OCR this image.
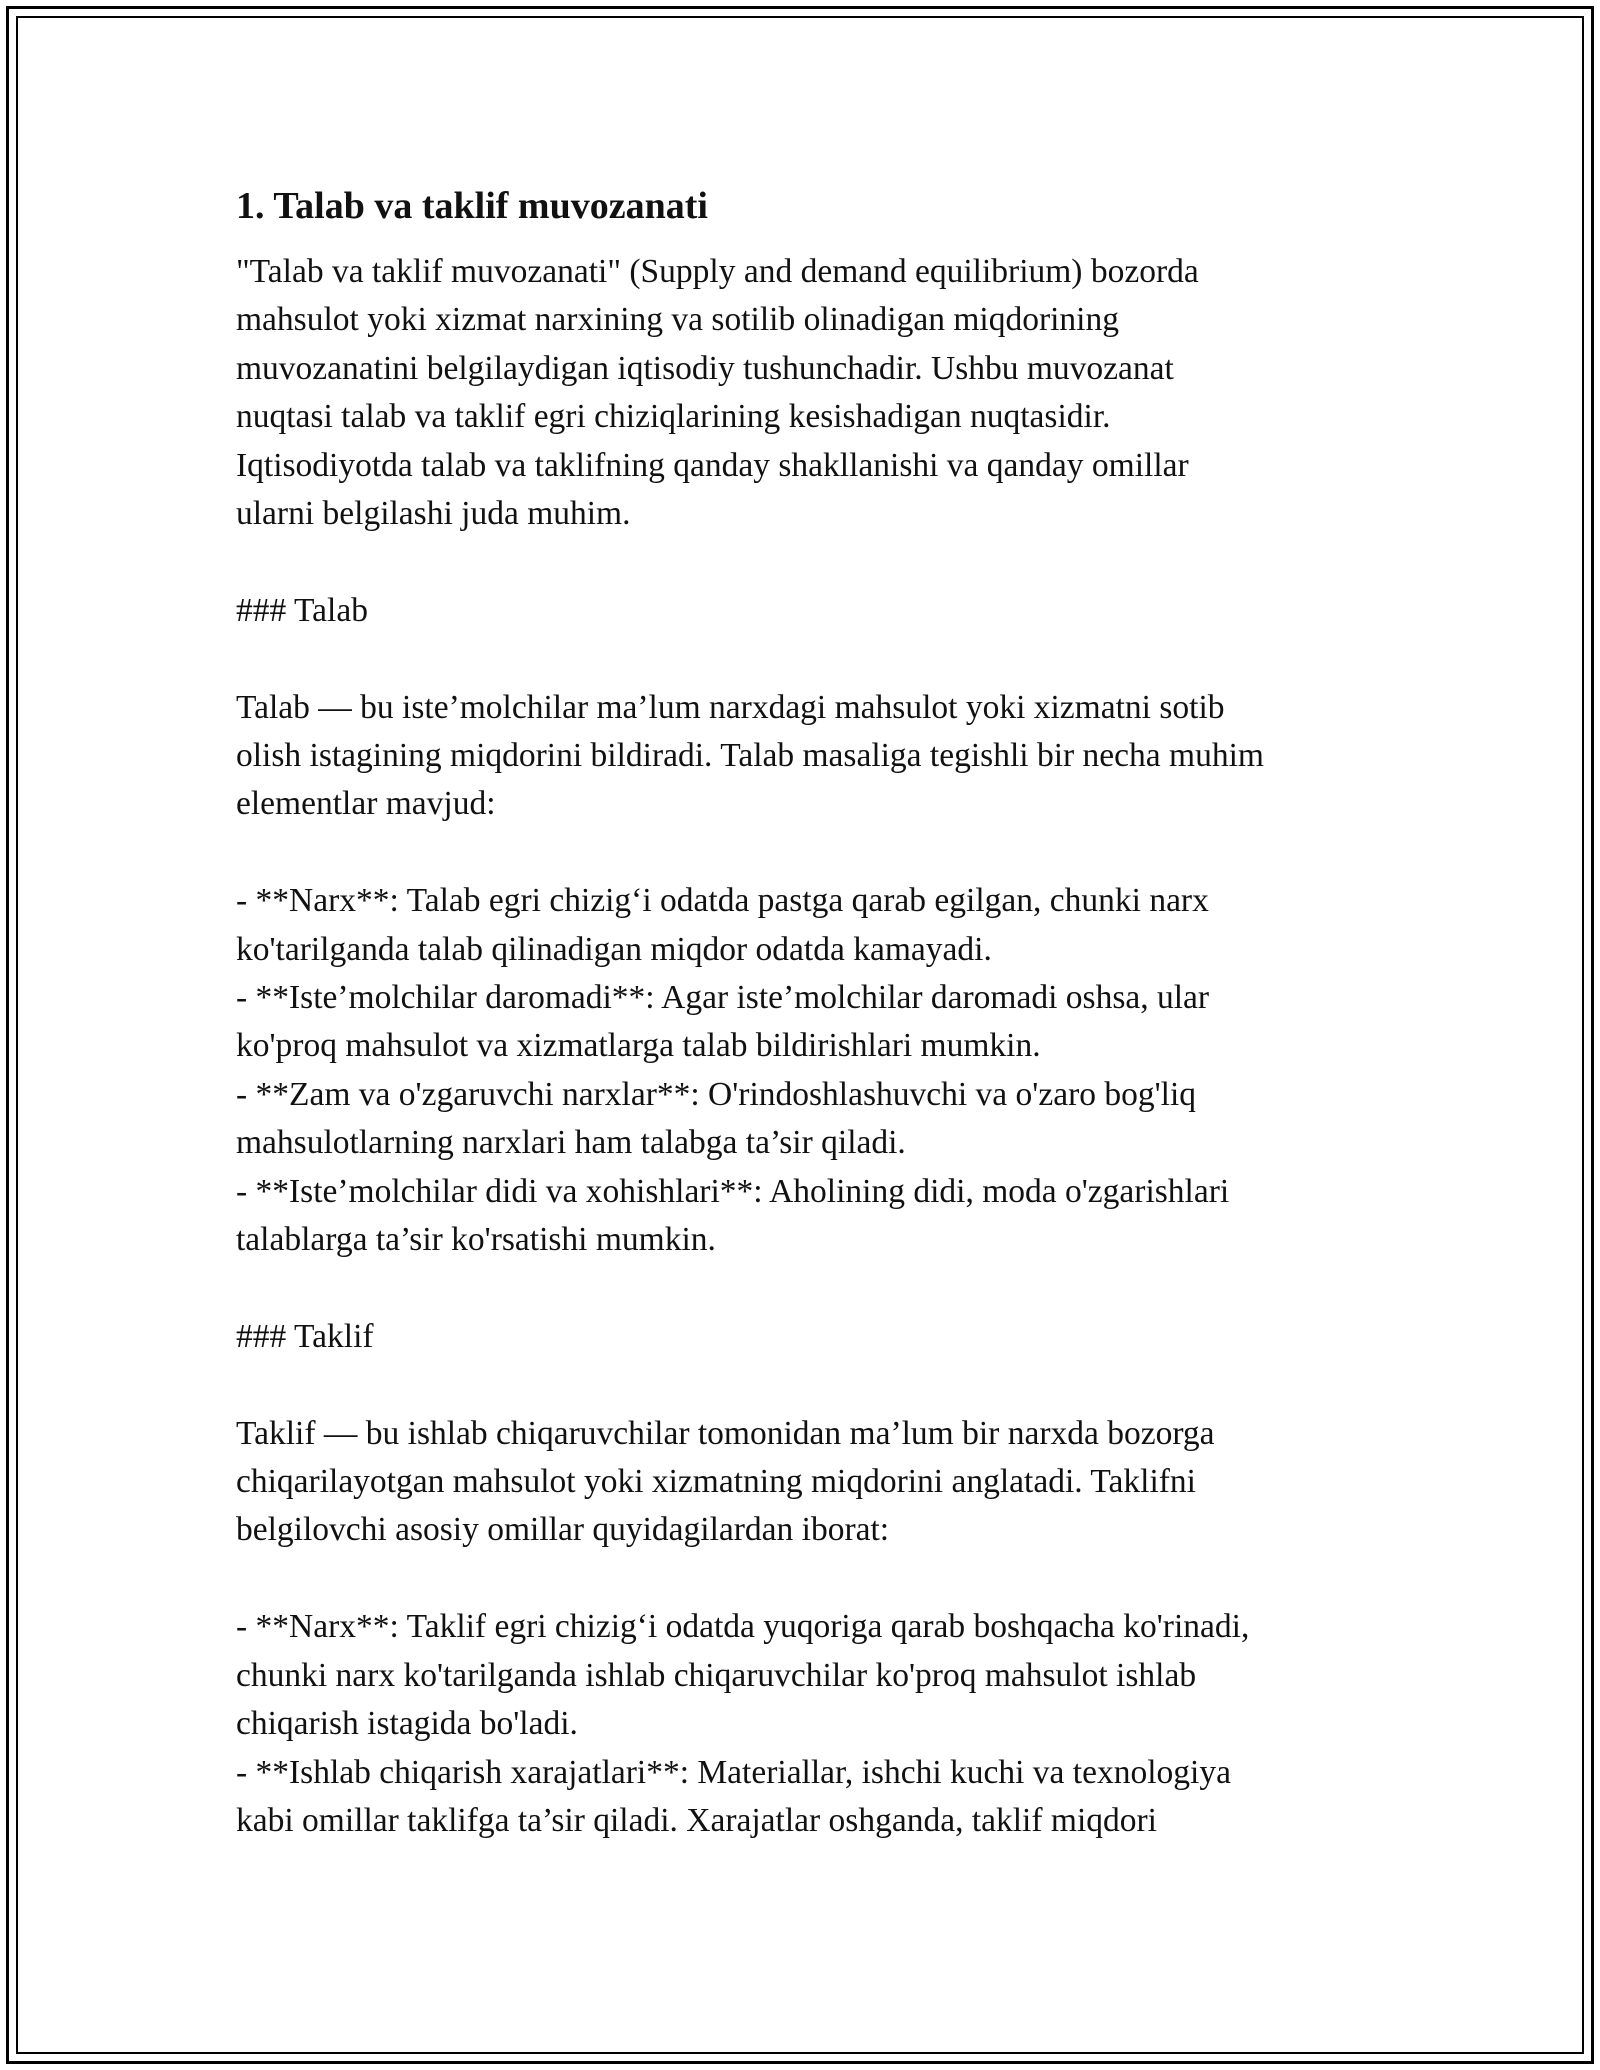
1. Talab va taklif muvozanati

"Talab va taklif muvozanati" (Supply and demand equilibrium) bozorda
mahsulot yoki xizmat narxining va sotilib olinadigan miqdorining
muvozanatini belgilaydigan iqtisodiy tushunchadir. Ushbu muvozanat
nuqtasi talab va taklif egri chiziqlarining kesishadigan nuqtasidir.
Iqtisodiyotda talab va taklifning qanday shakllanishi va qanday omillar
ularni belgilashi juda muhim.

### Talab

Talab — bu iste’molchilar ma’lum narxdagi mahsulot yoki xizmatni sotib
olish istagining miqdorini bildiradi. Talab masaliga tegishli bir necha muhim
elementlar mavjud:

- **Narx**: Talab egri chizig‘i odatda pastga qarab egilgan, chunki narx
ko'tarilganda talab qilinadigan miqdor odatda kamayadi.

- **Iste’molchilar daromadi**: Agar iste’molchilar daromadi oshsa, ular
ko'proq mahsulot va xizmatlarga talab bildirishlari mumkin.

- **Zam va o'zgaruvchi narxlar**: O'rindoshlashuvchi va o'zaro bog'liq
mahsulotlarning narxlari ham talabga ta’sir qiladi.

- **Iste’molchilar didi va xohishlari**: Aholining didi, moda o'zgarishlari
talablarga ta’sir ko'rsatishi mumkin.

### Taklif

Taklif — bu ishlab chiqaruvchilar tomonidan ma’lum bir narxda bozorga
chiqarilayotgan mahsulot yoki xizmatning miqdorini anglatadi. Taklifni
belgilovchi asosiy omillar quyidagilardan iborat:

- **Narx**: Taklif egri chizig‘i odatda yuqoriga qarab boshqacha ko'rinadi,
chunki narx ko'tarilganda ishlab chiqaruvchilar ko'proq mahsulot ishlab
chiqarish istagida bo'ladi.

- **Ishlab chiqarish xarajatlari**: Materiallar, ishchi kuchi va texnologiya
kabi omillar taklifga ta’sir qiladi. Xarajatlar oshganda, taklif miqdori
